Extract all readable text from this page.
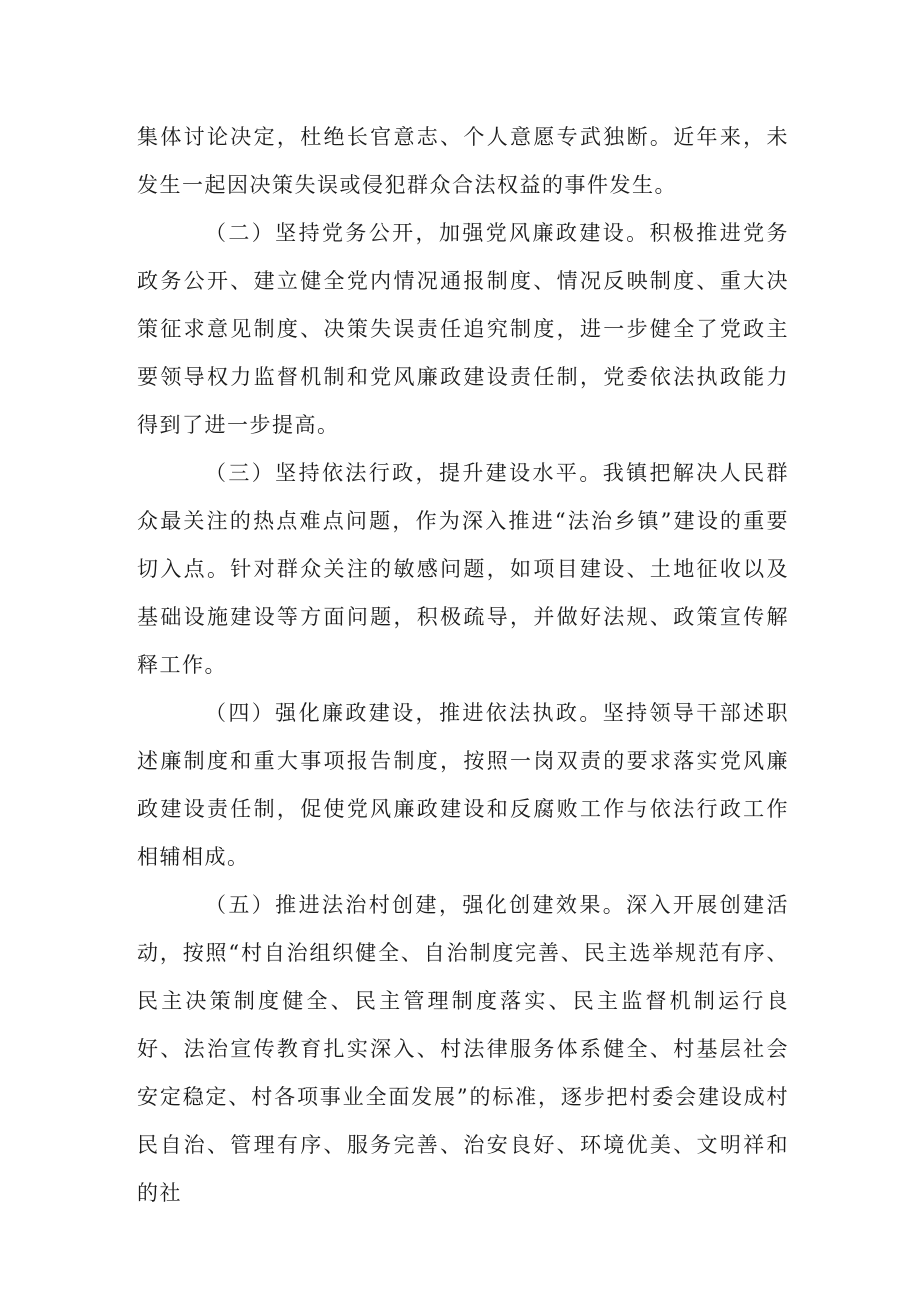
集体讨论决定，杜绝长官意志、个人意愿专武独断。近年来，未发生一起因决策失误或侵犯群众合法权益的事件发生。

（二）坚持党务公开，加强党风廉政建设。积极推进党务政务公开、建立健全党内情况通报制度、情况反映制度、重大决策征求意见制度、决策失误责任追究制度，进一步健全了党政主要领导权力监督机制和党风廉政建设责任制，党委依法执政能力得到了进一步提高。

（三）坚持依法行政，提升建设水平。我镇把解决人民群众最关注的热点难点问题，作为深入推进“法治乡镇”建设的重要切入点。针对群众关注的敏感问题，如项目建设、土地征收以及基础设施建设等方面问题，积极疏导，并做好法规、政策宣传解释工作。

（四）强化廉政建设，推进依法执政。坚持领导干部述职述廉制度和重大事项报告制度，按照一岗双责的要求落实党风廉政建设责任制，促使党风廉政建设和反腐败工作与依法行政工作相辅相成。

（五）推进法治村创建，强化创建效果。深入开展创建活动，按照“村自治组织健全、自治制度完善、民主选举规范有序、民主决策制度健全、民主管理制度落实、民主监督机制运行良好、法治宣传教育扎实深入、村法律服务体系健全、村基层社会安定稳定、村各项事业全面发展”的标准，逐步把村委会建设成村民自治、管理有序、服务完善、治安良好、环境优美、文明祥和的社
